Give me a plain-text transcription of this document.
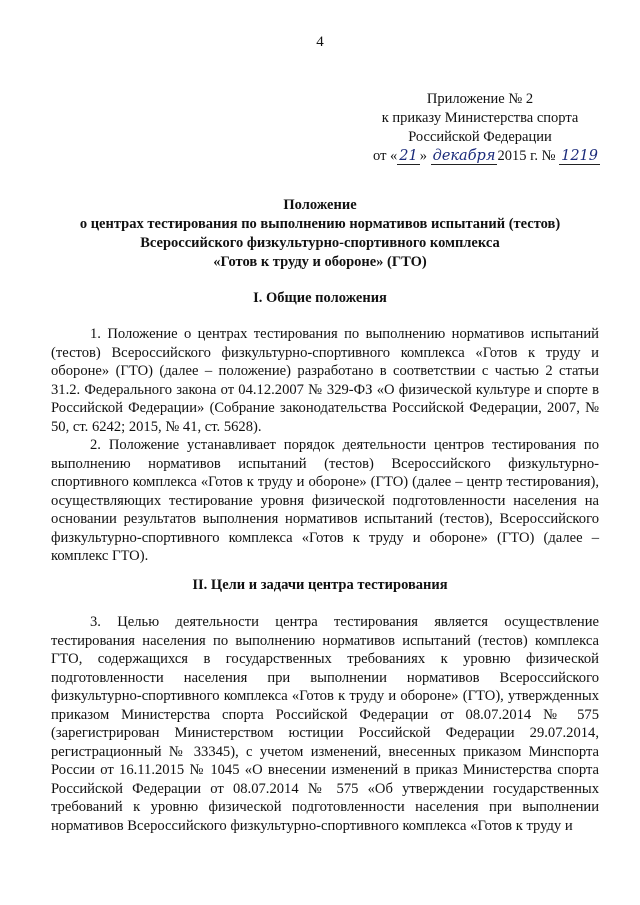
4
Приложение № 2
к приказу Министерства спорта
Российской Федерации
от « 21 » декабря 2015 г. № 1219
Положение
о центрах тестирования по выполнению нормативов испытаний (тестов)
Всероссийского физкультурно-спортивного комплекса
«Готов к труду и обороне» (ГТО)
I. Общие положения

1. Положение о центрах тестирования по выполнению нормативов испытаний (тестов) Всероссийского физкультурно-спортивного комплекса «Готов к труду и обороне» (ГТО) (далее – положение) разработано в соответствии с частью 2 статьи 31.2. Федерального закона от 04.12.2007 № 329-ФЗ «О физической культуре и спорте в Российской Федерации» (Собрание законодательства Российской Федерации, 2007, № 50, ст. 6242; 2015, № 41, ст. 5628).

2. Положение устанавливает порядок деятельности центров тестирования по выполнению нормативов испытаний (тестов) Всероссийского физкультурно-спортивного комплекса «Готов к труду и обороне» (ГТО) (далее – центр тестирования), осуществляющих тестирование уровня физической подготовленности населения на основании результатов выполнения нормативов испытаний (тестов), Всероссийского физкультурно-спортивного комплекса «Готов к труду и обороне» (ГТО) (далее – комплекс ГТО).

II. Цели и задачи центра тестирования

3. Целью деятельности центра тестирования является осуществление тестирования населения по выполнению нормативов испытаний (тестов) комплекса ГТО, содержащихся в государственных требованиях к уровню физической подготовленности населения при выполнении нормативов Всероссийского физкультурно-спортивного комплекса «Готов к труду и обороне» (ГТО), утвержденных приказом Министерства спорта Российской Федерации от 08.07.2014 № 575 (зарегистрирован Министерством юстиции Российской Федерации 29.07.2014, регистрационный № 33345), с учетом изменений, внесенных приказом Минспорта России от 16.11.2015 № 1045 «О внесении изменений в приказ Министерства спорта Российской Федерации от 08.07.2014 № 575 «Об утверждении государственных требований к уровню физической подготовленности населения при выполнении нормативов Всероссийского физкультурно-спортивного комплекса «Готов к труду и
